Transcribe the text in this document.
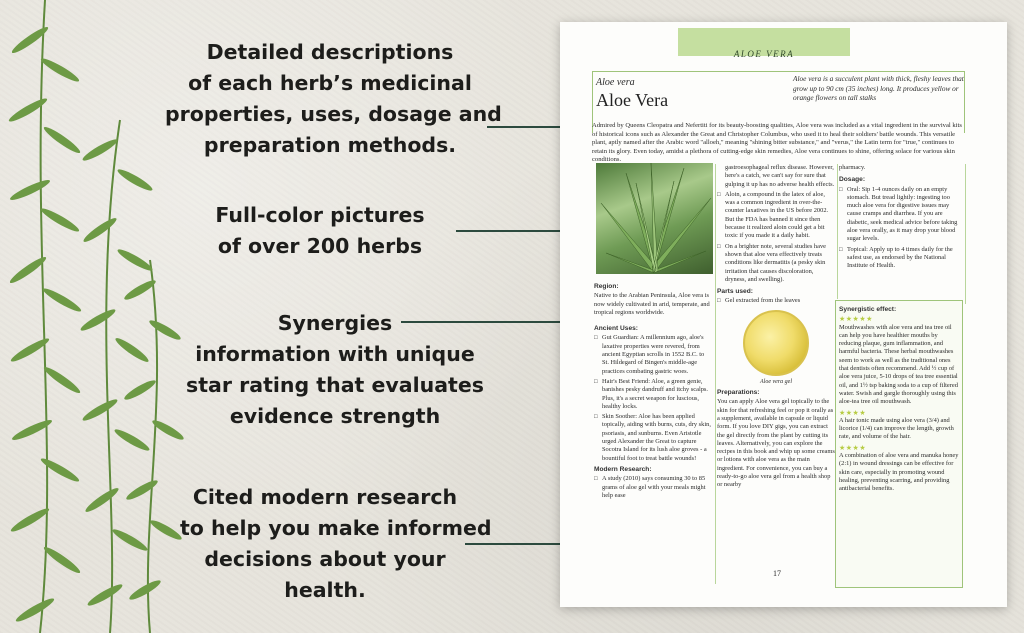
Detailed descriptions
of each herb’s medicinal
properties, uses, dosage and
preparation methods.
Full-color pictures
of over 200 herbs
Synergies
information with unique
star rating that evaluates
evidence strength
Cited modern research
to help you make informed
decisions about your
health.
ALOE VERA
Aloe vera
Aloe Vera
Aloe vera is a succulent plant with thick, fleshy leaves that grow up to 90 cm (35 inches) long. It produces yellow or orange flowers on tall stalks
Admired by Queens Cleopatra and Nefertiti for its beauty-boosting qualities, Aloe vera was included as a vital ingredient in the survival kits of historical icons such as Alexander the Great and Christopher Columbus, who used it to heal their soldiers' battle wounds. This versatile plant, aptly named after the Arabic word "alloeh," meaning "shining bitter substance," and "verus," the Latin term for "true," continues to retain its glory. Even today, amidst a plethora of cutting-edge skin remedies, Aloe vera continues to shine, offering solace for various skin conditions.
Region:

Native to the Arabian Peninsula, Aloe vera is now widely cultivated in arid, temperate, and tropical regions worldwide.

Ancient Uses:
□ Gut Guardian: A millennium ago, aloe's laxative properties were revered, from ancient Egyptian scrolls in 1552 B.C. to St. Hildegard of Bingen's middle-age practices combating gastric woes.
□ Hair's Best Friend: Aloe, a green genie, banishes pesky dandruff and itchy scalps. Plus, it's a secret weapon for luscious, healthy locks.
□ Skin Soother: Aloe has been applied topically, aiding with burns, cuts, dry skin, psoriasis, and sunburns. Even Aristotle urged Alexander the Great to capture Socotra Island for its lush aloe groves - a bountiful foot to treat battle wounds!
Modern Research:
□ A study (2010) says consuming 30 to 85 grams of aloe gel with your meals might help ease

gastroesophageal reflux disease. However, here's a catch, we can't say for sure that gulping it up has no adverse health effects.

□ Aloin, a compound in the latex of aloe, was a common ingredient in over-the-counter laxatives in the US before 2002. But the FDA has banned it since then because it realized aloin could get a bit toxic if you made it a daily habit.
□ On a brighter note, several studies have shown that aloe vera effectively treats conditions like dermatitis (a pesky skin irritation that causes discoloration, dryness, and swelling).
Parts used:
□ Gel extracted from the leaves
Aloe vera gel
Preparations:

You can apply Aloe vera gel topically to the skin for that refreshing feel or pop it orally as a supplement, available in capsule or liquid form. If you love DIY gigs, you can extract the gel directly from the plant by cutting its leaves. Alternatively, you can explore the recipes in this book and whip up some creams or lotions with aloe vera as the main ingredient. For convenience, you can buy a ready-to-go aloe vera gel from a health shop or nearby

pharmacy.

Dosage:
□ Oral: Sip 1-4 ounces daily on an empty stomach. But tread lightly: ingesting too much aloe vera for digestive issues may cause cramps and diarrhea. If you are diabetic, seek medical advice before taking aloe vera orally, as it may drop your blood sugar levels.
□ Topical: Apply up to 4 times daily for the safest use, as endorsed by the National Institute of Health.
Synergistic effect:
★★★★★

Mouthwashes with aloe vera and tea tree oil can help you have healthier mouths by reducing plaque, gum inflammation, and harmful bacteria. These herbal mouthwashes seem to work as well as the traditional ones that dentists often recommend. Add ½ cup of aloe vera juice, 5-10 drops of tea tree essential oil, and 1½ tsp baking soda to a cup of filtered water. Swish and gargle thoroughly using this aloe-tea tree oil mouthwash.

★★★★

A hair tonic made using aloe vera (3/4) and licorice (1/4) can improve the length, growth rate, and volume of the hair.

★★★★

A combination of aloe vera and manuka honey (2:1) in wound dressings can be effective for skin care, especially in promoting wound healing, preventing scarring, and providing antibacterial benefits.

17
